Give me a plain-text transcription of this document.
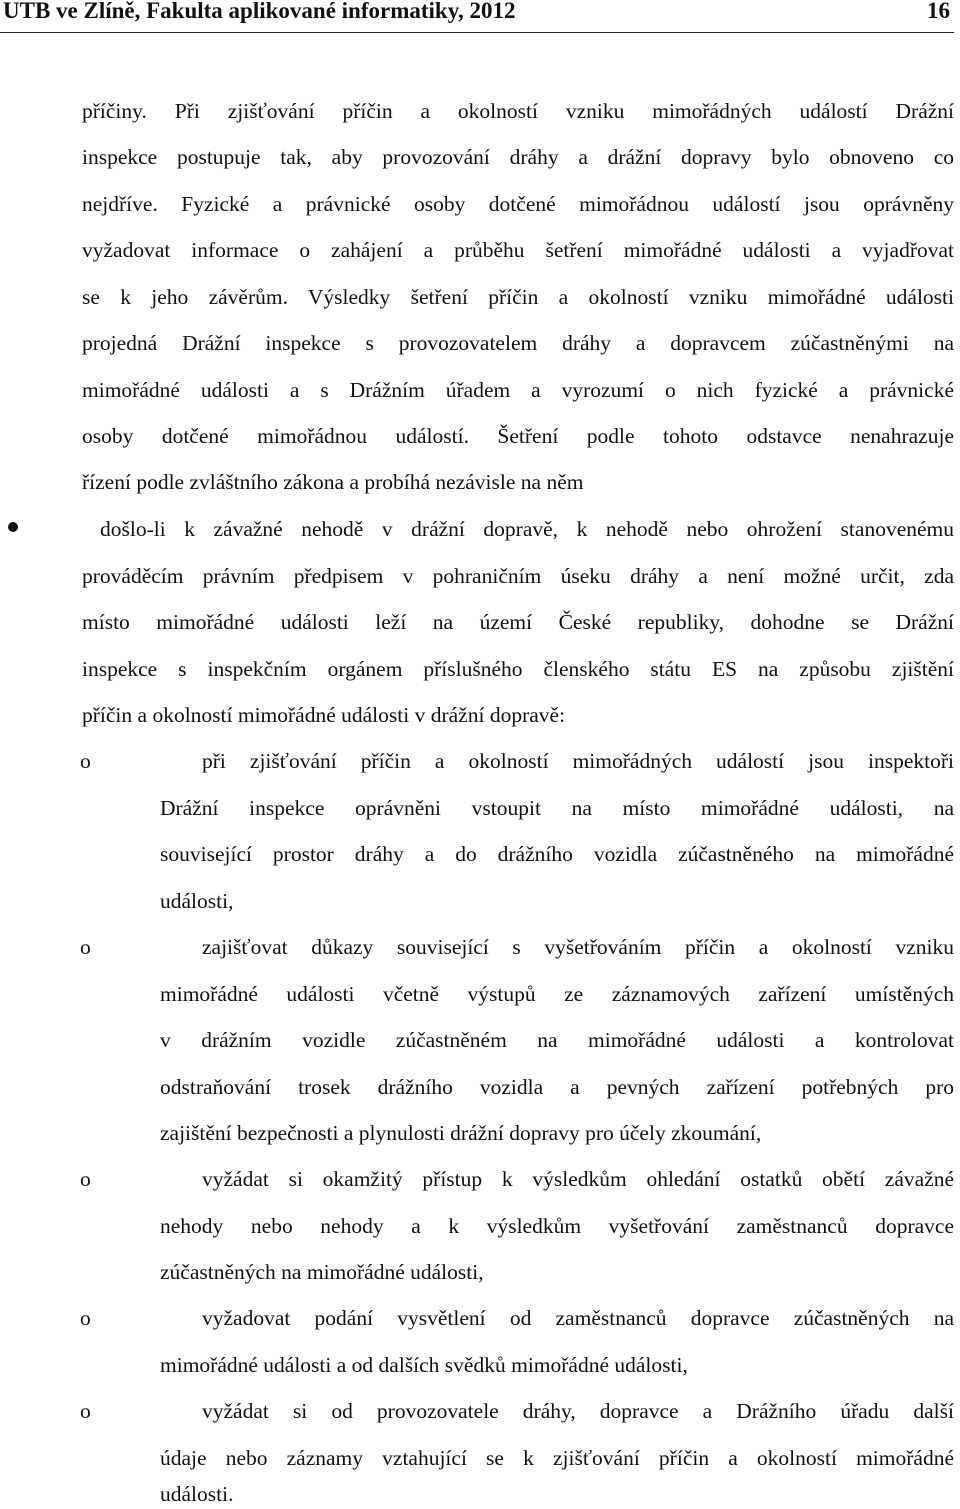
UTB ve Zlíně, Fakulta aplikované informatiky, 2012	16
příčiny. Při zjišťování příčin a okolností vzniku mimořádných událostí Drážní
inspekce postupuje tak, aby provozování dráhy a drážní dopravy bylo obnoveno co
nejdříve. Fyzické a právnické osoby dotčené mimořádnou událostí jsou oprávněny
vyžadovat informace o zahájení a průběhu šetření mimořádné události a vyjadřovat
se k jeho závěrům. Výsledky šetření příčin a okolností vzniku mimořádné události
projedná Drážní inspekce s provozovatelem dráhy a dopravcem zúčastněnými na
mimořádné události a s Drážním úřadem a vyrozumí o nich fyzické a právnické
osoby dotčené mimořádnou událostí. Šetření podle tohoto odstavce nenahrazuje
řízení podle zvláštního zákona a probíhá nezávisle na něm
došlo-li k závažné nehodě v drážní dopravě, k nehodě nebo ohrožení stanovenému
prováděcím právním předpisem v pohraničním úseku dráhy a není možné určit, zda
místo mimořádné události leží na území České republiky, dohodne se Drážní
inspekce s inspekčním orgánem příslušného členského státu ES na způsobu zjištění
příčin a okolností mimořádné události v drážní dopravě:
o	při zjišťování příčin a okolností mimořádných událostí jsou inspektoři
Drážní inspekce oprávněni vstoupit na místo mimořádné události, na
související prostor dráhy a do drážního vozidla zúčastněného na mimořádné
události,
o	zajišťovat důkazy související s vyšetřováním příčin a okolností vzniku
mimořádné události včetně výstupů ze záznamových zařízení umístěných
v drážním vozidle zúčastněném na mimořádné události a kontrolovat
odstraňování trosek drážního vozidla a pevných zařízení potřebných pro
zajištění bezpečnosti a plynulosti drážní dopravy pro účely zkoumání,
o	vyžádat si okamžitý přístup k výsledkům ohledání ostatků obětí závažné
nehody nebo nehody a k výsledkům vyšetřování zaměstnanců dopravce
zúčastněných na mimořádné události,
o	vyžadovat podání vysvětlení od zaměstnanců dopravce zúčastněných na
mimořádné události a od dalších svědků mimořádné události,
o	vyžádat si od provozovatele dráhy, dopravce a Drážního úřadu další
údaje nebo záznamy vztahující se k zjišťování příčin a okolností mimořádné
události.
